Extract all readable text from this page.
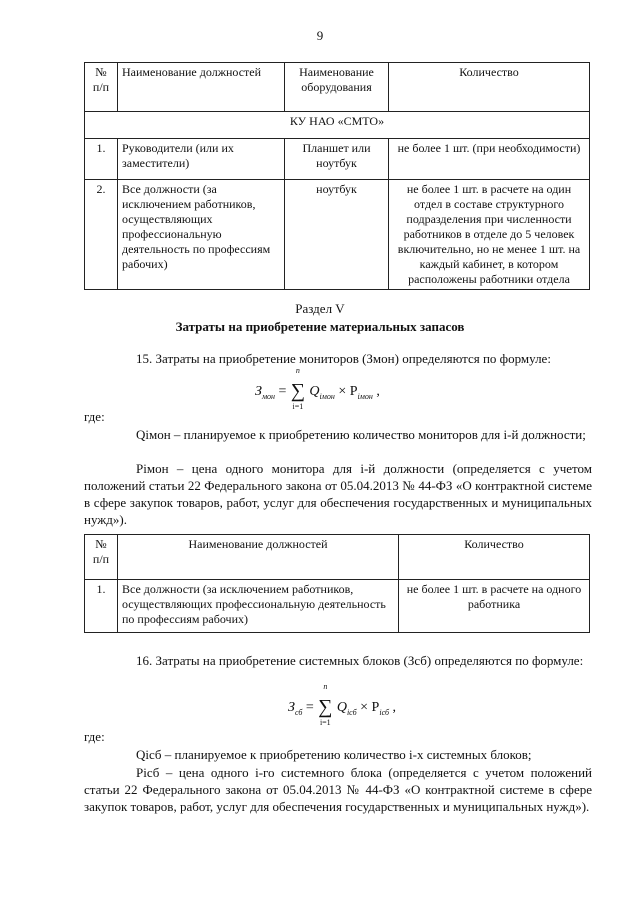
9
№ п/п	Наименование должностей	Наименование оборудования	Количество
КУ НАО «СМТО»			
1.	Руководители (или их заместители)	Планшет или ноутбук	не более 1 шт. (при необходимости)
2.	Все должности (за исключением работников, осуществляющих профессиональную деятельность по профессиям рабочих)	ноутбук	не более 1 шт. в расчете на один отдел в составе структурного подразделения при численности работников в отделе до 5 человек включительно, но не менее 1 шт. на каждый кабинет, в котором расположены работники отдела
Раздел V
Затраты на приобретение материальных запасов
15. Затраты на приобретение мониторов (Змон) определяются по формуле:
$З_{мон}$ =
n
∑
i=1
$Q_{iмон} \times P_{iмон}$ ,
где:
Qiмон – планируемое к приобретению количество мониторов для i-й должности;
Piмон – цена одного монитора для i-й должности (определяется с учетом положений статьи 22 Федерального закона от 05.04.2013 № 44-ФЗ «О контрактной системе в сфере закупок товаров, работ, услуг для обеспечения государственных и муниципальных нужд»).
№ п/п	Наименование должностей	Количество
1.	Все должности (за исключением работников, осуществляющих профессиональную деятельность по профессиям рабочих)	не более 1 шт. в расчете на одного работника
16. Затраты на приобретение системных блоков (Зсб) определяются по формуле:
$З_{сб}$ =
n
∑
i=1
$Q_{iсб} \times P_{iсб}$ ,
где:
Qiсб – планируемое к приобретению количество i-х системных блоков;
Piсб – цена одного i-го системного блока (определяется с учетом положений статьи 22 Федерального закона от 05.04.2013 № 44-ФЗ «О контрактной системе в сфере закупок товаров, работ, услуг для обеспечения государственных и муниципальных нужд»).
